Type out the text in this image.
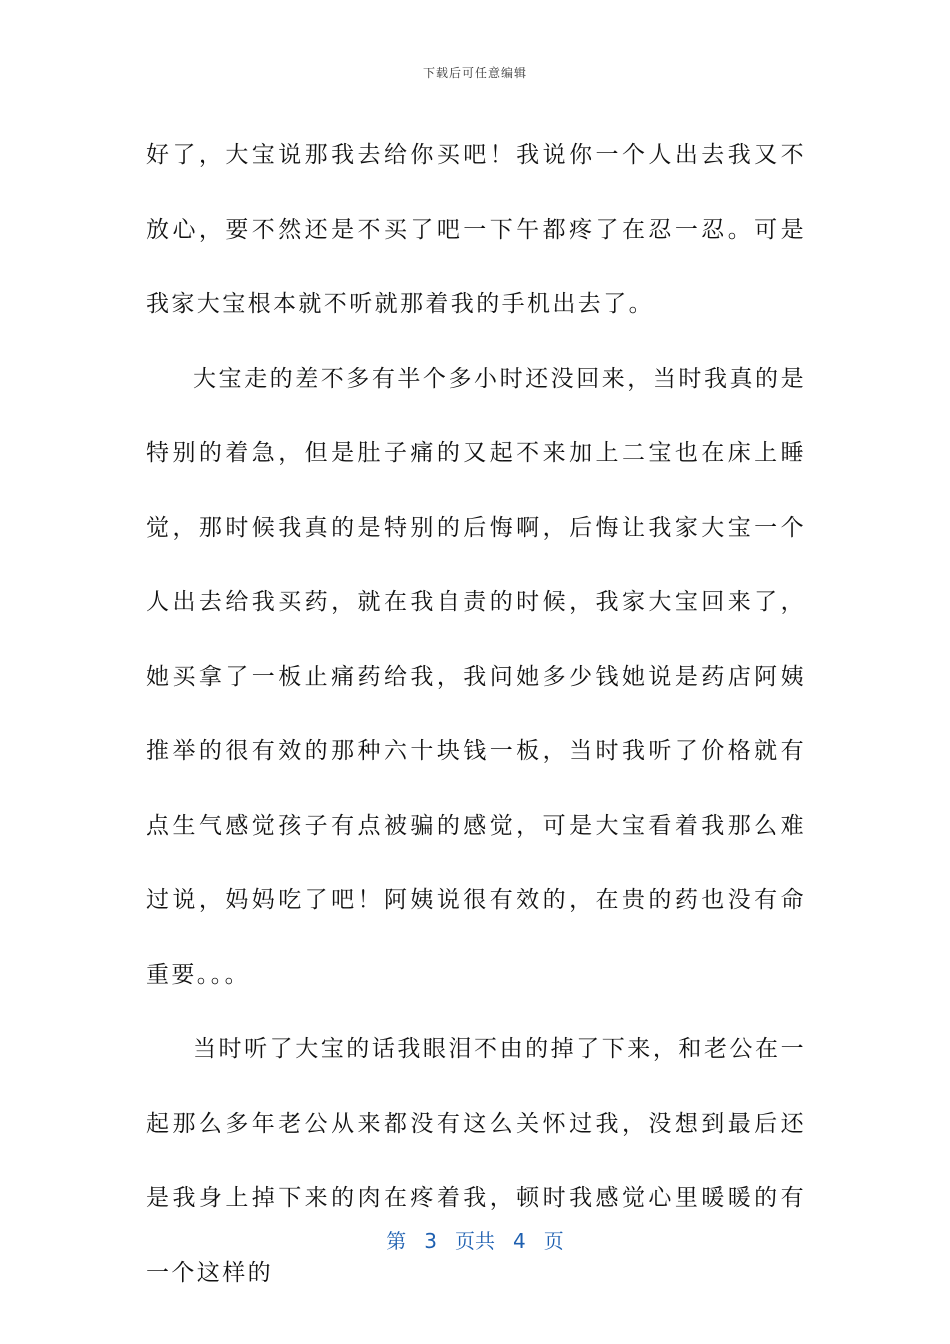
下载后可任意编辑

好了，大宝说那我去给你买吧！我说你一个人出去我又不放心，要不然还是不买了吧一下午都疼了在忍一忍。可是我家大宝根本就不听就那着我的手机出去了。

大宝走的差不多有半个多小时还没回来，当时我真的是特别的着急，但是肚子痛的又起不来加上二宝也在床上睡觉，那时候我真的是特别的后悔啊，后悔让我家大宝一个人出去给我买药，就在我自责的时候，我家大宝回来了，她买拿了一板止痛药给我，我问她多少钱她说是药店阿姨推举的很有效的那种六十块钱一板，当时我听了价格就有点生气感觉孩子有点被骗的感觉，可是大宝看着我那么难过说，妈妈吃了吧！阿姨说很有效的，在贵的药也没有命重要。。。

当时听了大宝的话我眼泪不由的掉了下来，和老公在一起那么多年老公从来都没有这么关怀过我，没想到最后还是我身上掉下来的肉在疼着我，顿时我感觉心里暖暖的有一个这样的

第 3 页共 4 页
